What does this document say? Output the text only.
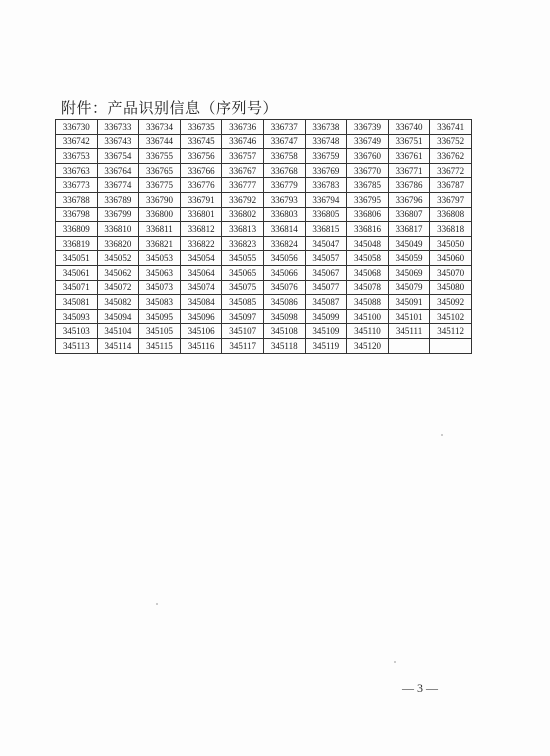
附件：产品识别信息（序列号）
336730	336733	336734	336735	336736	336737	336738	336739	336740	336741
336742	336743	336744	336745	336746	336747	336748	336749	336751	336752
336753	336754	336755	336756	336757	336758	336759	336760	336761	336762
336763	336764	336765	336766	336767	336768	336769	336770	336771	336772
336773	336774	336775	336776	336777	336779	336783	336785	336786	336787
336788	336789	336790	336791	336792	336793	336794	336795	336796	336797
336798	336799	336800	336801	336802	336803	336805	336806	336807	336808
336809	336810	336811	336812	336813	336814	336815	336816	336817	336818
336819	336820	336821	336822	336823	336824	345047	345048	345049	345050
345051	345052	345053	345054	345055	345056	345057	345058	345059	345060
345061	345062	345063	345064	345065	345066	345067	345068	345069	345070
345071	345072	345073	345074	345075	345076	345077	345078	345079	345080
345081	345082	345083	345084	345085	345086	345087	345088	345091	345092
345093	345094	345095	345096	345097	345098	345099	345100	345101	345102
345103	345104	345105	345106	345107	345108	345109	345110	345111	345112
345113	345114	345115	345116	345117	345118	345119	345120		
— 3 —
